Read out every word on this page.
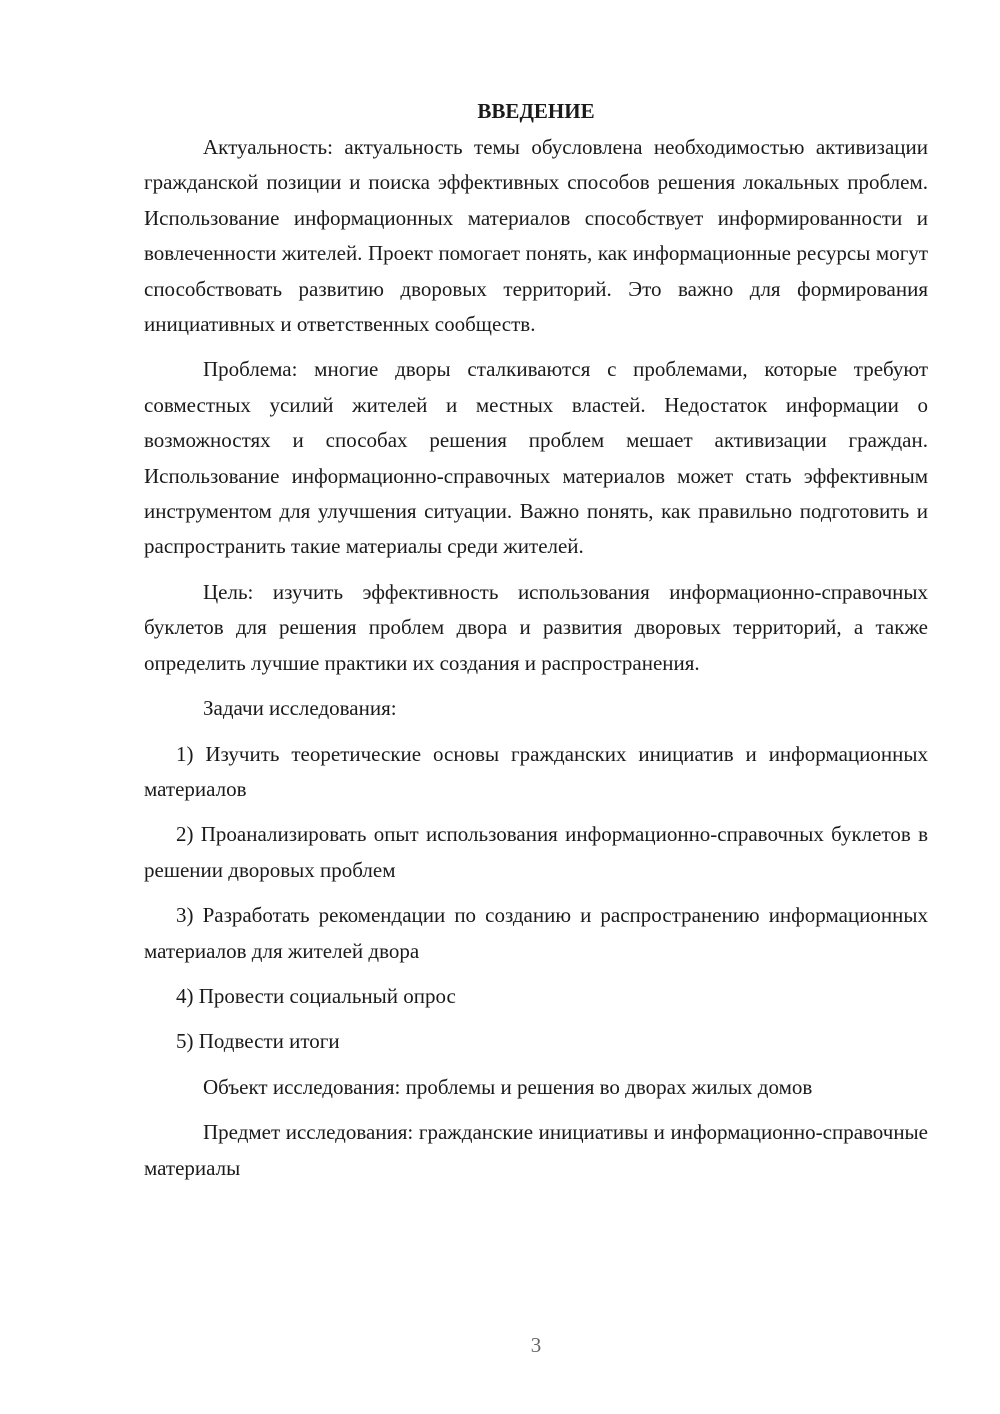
ВВЕДЕНИЕ

Актуальность: актуальность темы обусловлена необходимостью активизации гражданской позиции и поиска эффективных способов решения локальных проблем. Использование информационных материалов способствует информированности и вовлеченности жителей. Проект помогает понять, как информационные ресурсы могут способствовать развитию дворовых территорий. Это важно для формирования инициативных и ответственных сообществ.

Проблема: многие дворы сталкиваются с проблемами, которые требуют совместных усилий жителей и местных властей. Недостаток информации о возможностях и способах решения проблем мешает активизации граждан. Использование информационно-справочных материалов может стать эффективным инструментом для улучшения ситуации. Важно понять, как правильно подготовить и распространить такие материалы среди жителей.

Цель: изучить эффективность использования информационно-справочных буклетов для решения проблем двора и развития дворовых территорий, а также определить лучшие практики их создания и распространения.

Задачи исследования:

1) Изучить теоретические основы гражданских инициатив и информационных материалов

2) Проанализировать опыт использования информационно-справочных буклетов в решении дворовых проблем

3) Разработать рекомендации по созданию и распространению информационных материалов для жителей двора

4) Провести социальный опрос

5) Подвести итоги

Объект исследования: проблемы и решения во дворах жилых домов

Предмет исследования: гражданские инициативы и информационно-справочные материалы

3
